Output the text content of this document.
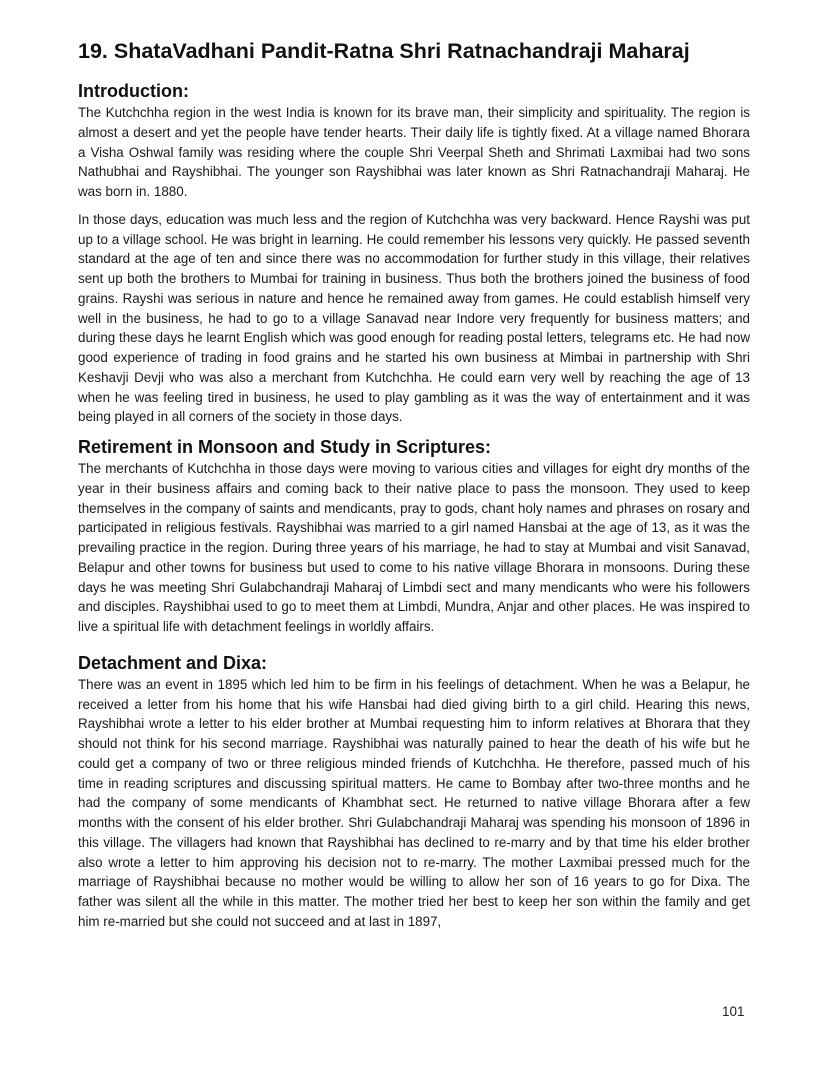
19. ShataVadhani Pandit-Ratna Shri Ratnachandraji Maharaj
Introduction:

The Kutchchha region in the west India is known for its brave man, their simplicity and spirituality. The region is almost a desert and yet the people have tender hearts. Their daily life is tightly fixed. At a village named Bhorara a Visha Oshwal family was residing where the couple Shri Veerpal Sheth and Shrimati Laxmibai had two sons Nathubhai and Rayshibhai. The younger son Rayshibhai was later known as Shri Ratnachandraji Maharaj. He was born in. 1880.

In those days, education was much less and the region of Kutchchha was very backward. Hence Rayshi was put up to a village school. He was bright in learning. He could remember his lessons very quickly. He passed seventh standard at the age of ten and since there was no accommodation for further study in this village, their relatives sent up both the brothers to Mumbai for training in business. Thus both the brothers joined the business of food grains. Rayshi was serious in nature and hence he remained away from games. He could establish himself very well in the business, he had to go to a village Sanavad near Indore very frequently for business matters; and during these days he learnt English which was good enough for reading postal letters, telegrams etc. He had now good experience of trading in food grains and he started his own business at Mimbai in partnership with Shri Keshavji Devji who was also a merchant from Kutchchha. He could earn very well by reaching the age of 13 when he was feeling tired in business, he used to play gambling as it was the way of entertainment and it was being played in all corners of the society in those days.

Retirement in Monsoon and Study in Scriptures:

The merchants of Kutchchha in those days were moving to various cities and villages for eight dry months of the year in their business affairs and coming back to their native place to pass the monsoon. They used to keep themselves in the company of saints and mendicants, pray to gods, chant holy names and phrases on rosary and participated in religious festivals. Rayshibhai was married to a girl named Hansbai at the age of 13, as it was the prevailing practice in the region. During three years of his marriage, he had to stay at Mumbai and visit Sanavad, Belapur and other towns for business but used to come to his native village Bhorara in monsoons. During these days he was meeting Shri Gulabchandraji Maharaj of Limbdi sect and many mendicants who were his followers and disciples. Rayshibhai used to go to meet them at Limbdi, Mundra, Anjar and other places. He was inspired to live a spiritual life with detachment feelings in worldly affairs.

Detachment and Dixa:

There was an event in 1895 which led him to be firm in his feelings of detachment. When he was a Belapur, he received a letter from his home that his wife Hansbai had died giving birth to a girl child. Hearing this news, Rayshibhai wrote a letter to his elder brother at Mumbai requesting him to inform relatives at Bhorara that they should not think for his second marriage. Rayshibhai was naturally pained to hear the death of his wife but he could get a company of two or three religious minded friends of Kutchchha. He therefore, passed much of his time in reading scriptures and discussing spiritual matters. He came to Bombay after two-three months and he had the company of some mendicants of Khambhat sect. He returned to native village Bhorara after a few months with the consent of his elder brother. Shri Gulabchandraji Maharaj was spending his monsoon of 1896 in this village. The villagers had known that Rayshibhai has declined to re-marry and by that time his elder brother also wrote a letter to him approving his decision not to re-marry. The mother Laxmibai pressed much for the marriage of Rayshibhai because no mother would be willing to allow her son of 16 years to go for Dixa. The father was silent all the while in this matter. The mother tried her best to keep her son within the family and get him re-married but she could not succeed and at last in 1897,

101
